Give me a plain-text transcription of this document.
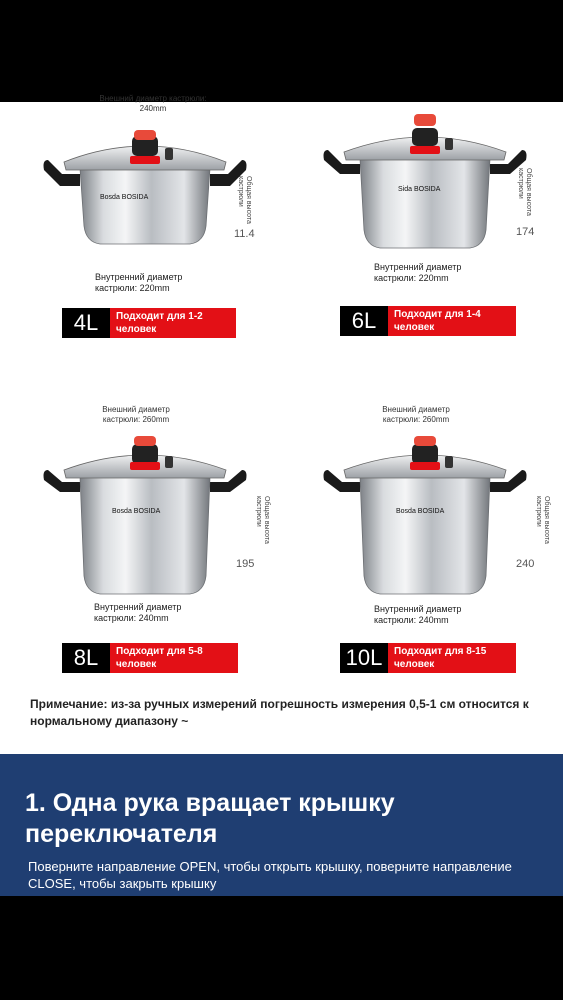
Внешний диаметр кастрюли: 240mm
Bosda BOSIDA	Общая высота кастрюли
11.4
Внутренний диаметр кастрюли: 220mm
4L	Подходит для 1-2 человек
Sida BOSIDA	Общая высота кастрюли
174
Внутренний диаметр кастрюли: 220mm
6L	Подходит для 1-4 человек
Внешний диаметр кастрюли: 260mm
Bosda BOSIDA	Общая высота кастрюли
195
Внутренний диаметр кастрюли: 240mm
8L	Подходит для 5-8 человек
Внешний диаметр кастрюли: 260mm
Bosda BOSIDA	Общая высота кастрюли
240
Внутренний диаметр кастрюли: 240mm
10L	Подходит для 8-15 человек
Примечание: из-за ручных измерений погрешность измерения 0,5-1 см относится к нормальному диапазону ~
1. Одна рука вращает крышку переключателя

Поверните направление OPEN, чтобы открыть крышку, поверните направление CLOSE, чтобы закрыть крышку
